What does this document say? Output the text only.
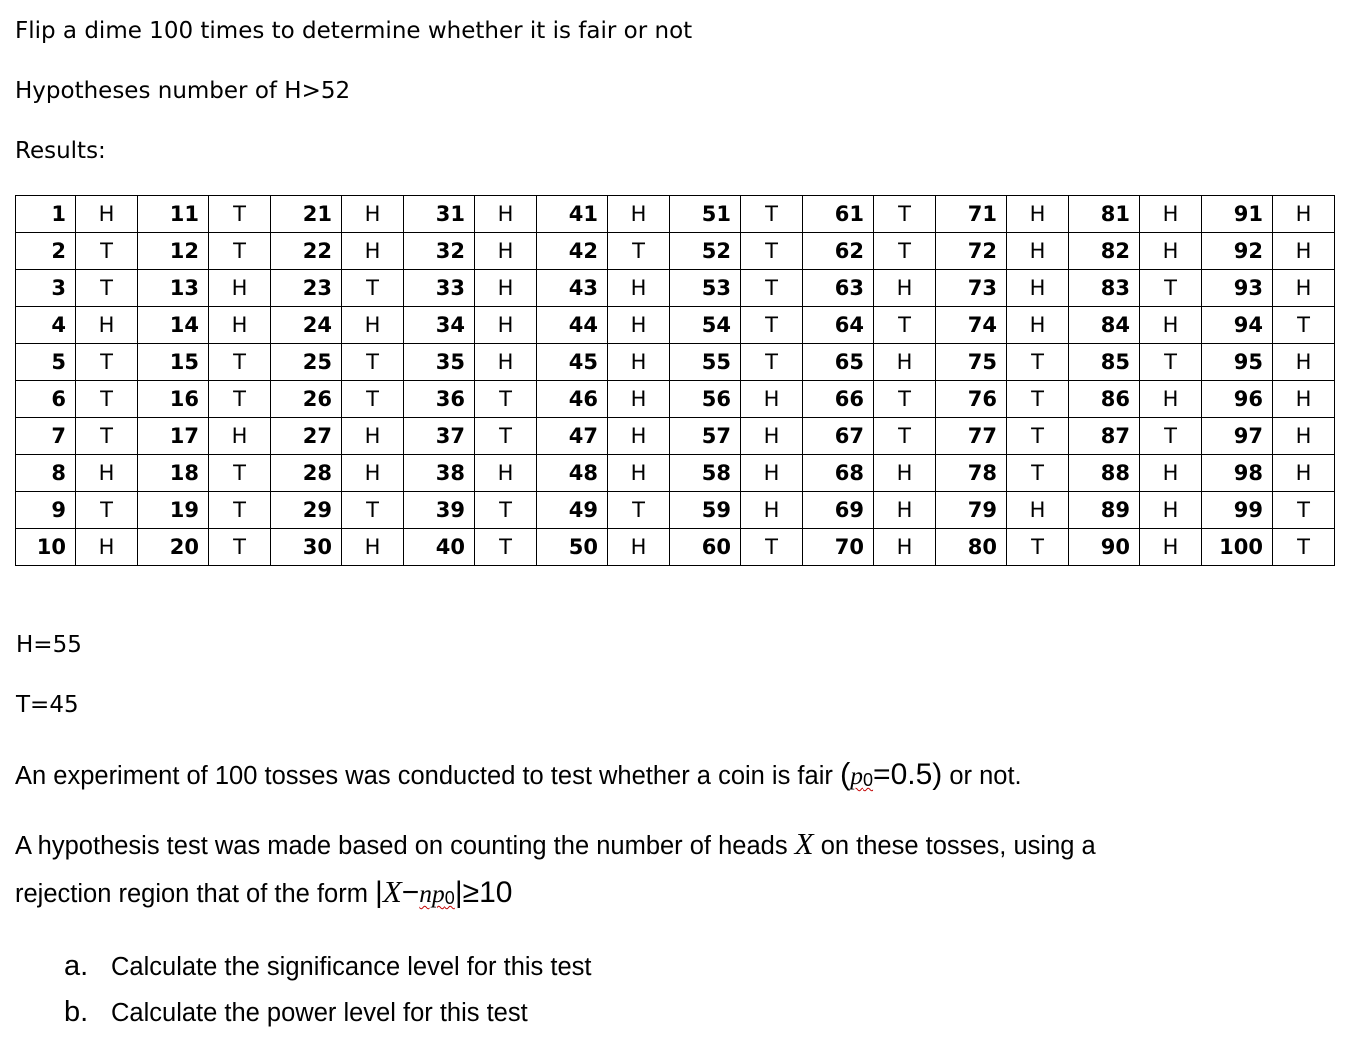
Flip a dime 100 times to determine whether it is fair or not
Hypotheses number of H>52
Results:
1	H	11	T	21	H	31	H	41	H	51	T	61	T	71	H	81	H	91	H
2	T	12	T	22	H	32	H	42	T	52	T	62	T	72	H	82	H	92	H
3	T	13	H	23	T	33	H	43	H	53	T	63	H	73	H	83	T	93	H
4	H	14	H	24	H	34	H	44	H	54	T	64	T	74	H	84	H	94	T
5	T	15	T	25	T	35	H	45	H	55	T	65	H	75	T	85	T	95	H
6	T	16	T	26	T	36	T	46	H	56	H	66	T	76	T	86	H	96	H
7	T	17	H	27	H	37	T	47	H	57	H	67	T	77	T	87	T	97	H
8	H	18	T	28	H	38	H	48	H	58	H	68	H	78	T	88	H	98	H
9	T	19	T	29	T	39	T	49	T	59	H	69	H	79	H	89	H	99	T
10	H	20	T	30	H	40	T	50	H	60	T	70	H	80	T	90	H	100	T
H=55
T=45
An experiment of 100 tosses was conducted to test whether a coin is fair (p0=0.5) or not.
A hypothesis test was made based on counting the number of heads X on these tosses, using a
rejection region that of the form |X−np0|≥10
a. Calculate the significance level for this test
b. Calculate the power level for this test
